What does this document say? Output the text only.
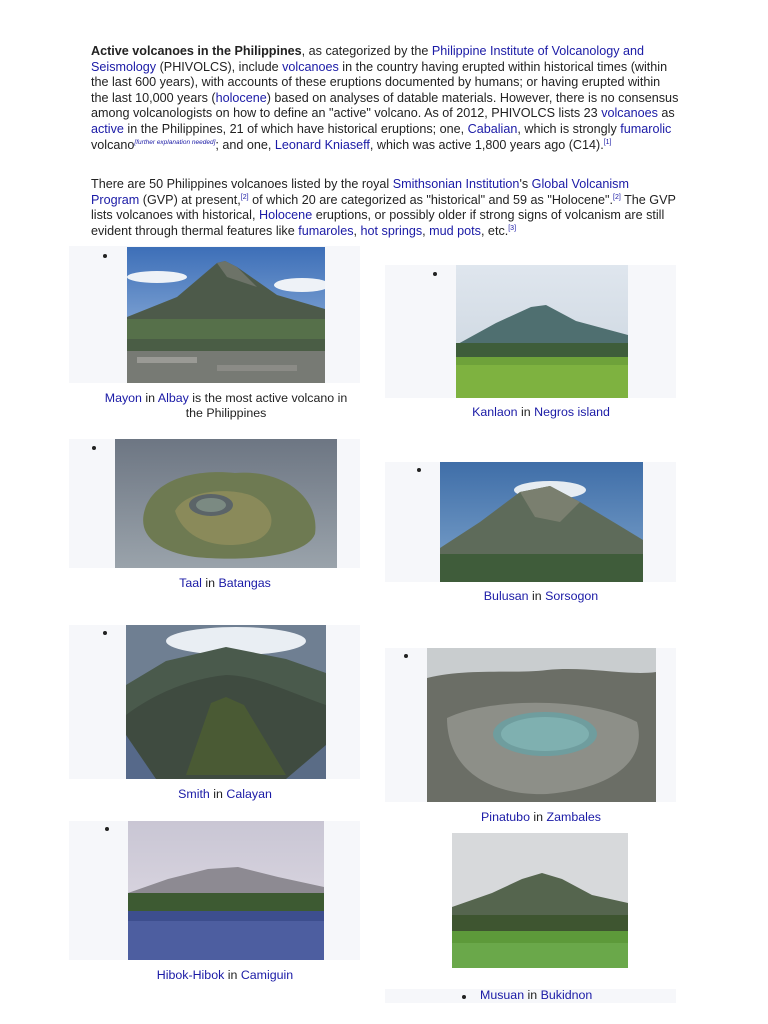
Active volcanoes in the Philippines, as categorized by the Philippine Institute of Volcanology and Seismology (PHIVOLCS), include volcanoes in the country having erupted within historical times (within the last 600 years), with accounts of these eruptions documented by humans; or having erupted within the last 10,000 years (holocene) based on analyses of datable materials. However, there is no consensus among volcanologists on how to define an "active" volcano. As of 2012, PHIVOLCS lists 23 volcanoes as active in the Philippines, 21 of which have historical eruptions; one, Cabalian, which is strongly fumarolic volcano[further explanation needed]; and one, Leonard Kniaseff, which was active 1,800 years ago (C14).[1]

There are 50 Philippines volcanoes listed by the royal Smithsonian Institution's Global Volcanism Program (GVP) at present,[2] of which 20 are categorized as "historical" and 59 as "Holocene".[2] The GVP lists volcanoes with historical, Holocene eruptions, or possibly older if strong signs of volcanism are still evident through thermal features like fumaroles, hot springs, mud pots, etc.[3]

Mayon in Albay is the most active volcano in the Philippines	Kanlaon in Negros island
Taal in Batangas
Bulusan in Sorsogon
Smith in Calayan
Pinatubo in Zambales
Hibok-Hibok in Camiguin
Musuan in Bukidnon
